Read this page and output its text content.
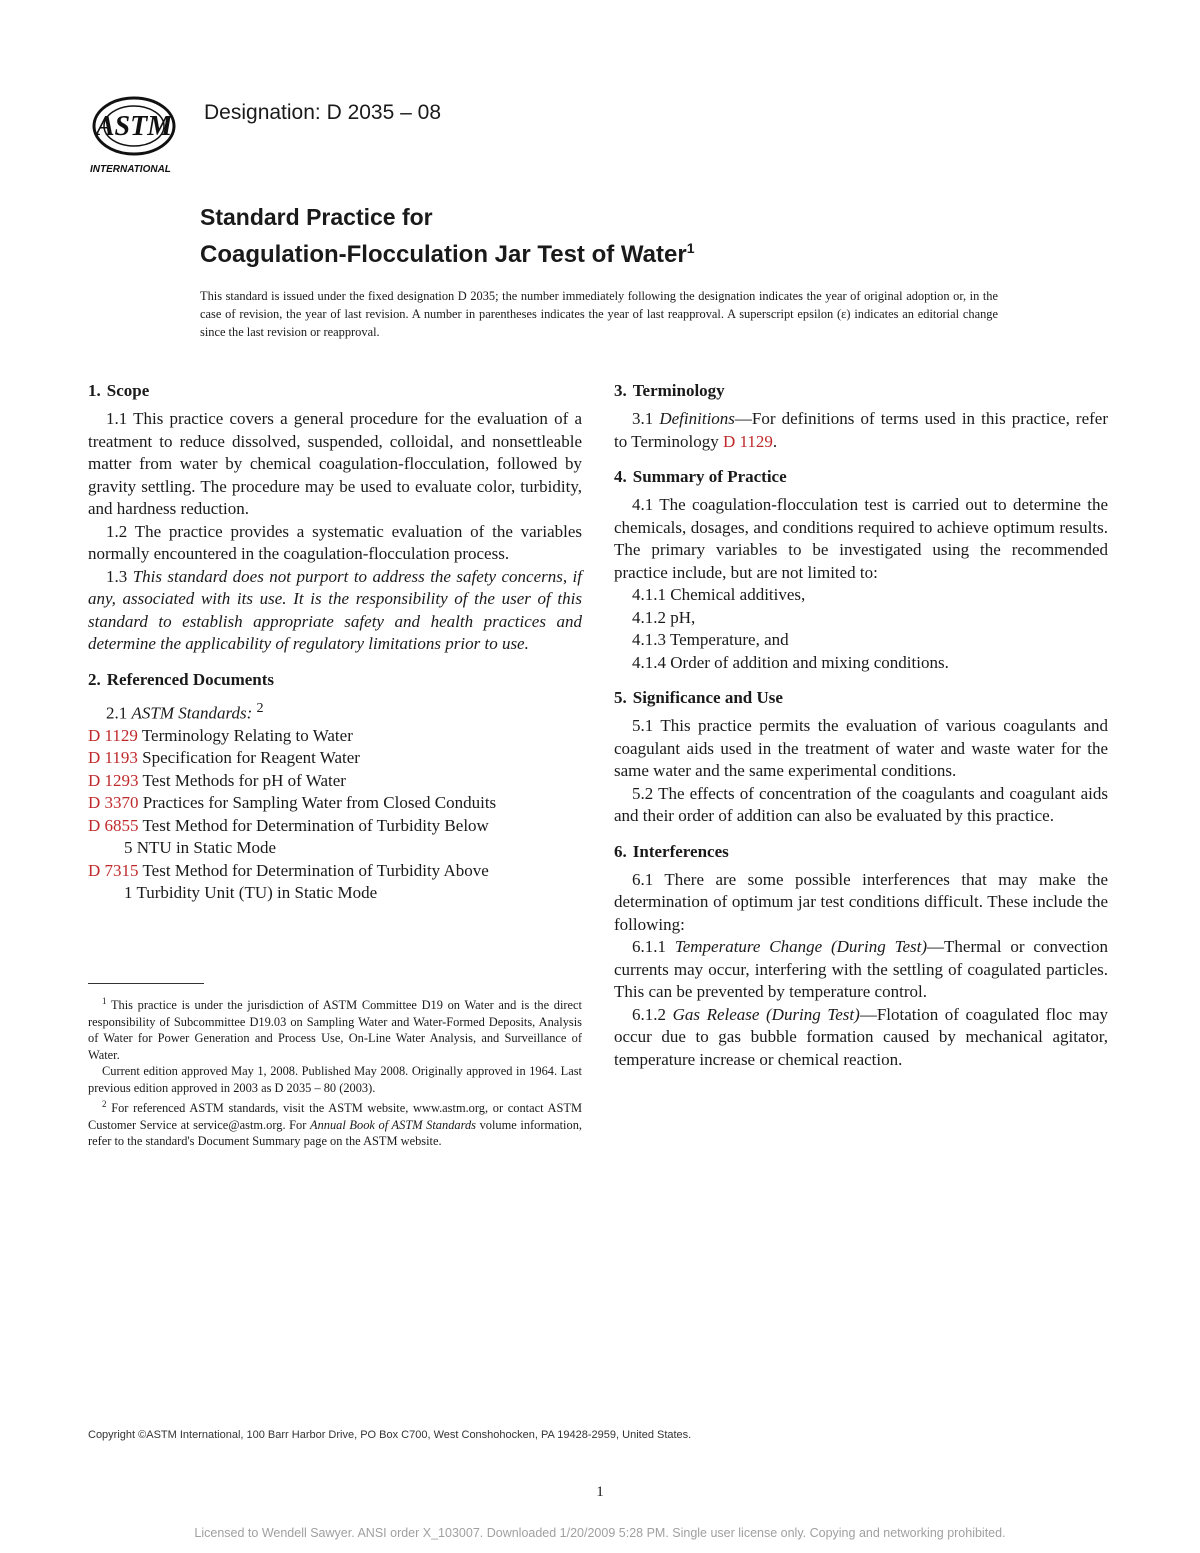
ASTM
INTERNATIONAL
Designation: D 2035 – 08
Standard Practice for
Coagulation-Flocculation Jar Test of Water$^1$
This standard is issued under the fixed designation D 2035; the number immediately following the designation indicates the year of original adoption or, in the case of revision, the year of last revision. A number in parentheses indicates the year of last reapproval. A superscript epsilon (ε) indicates an editorial change since the last revision or reapproval.
1. Scope

1.1 This practice covers a general procedure for the evaluation of a treatment to reduce dissolved, suspended, colloidal, and nonsettleable matter from water by chemical coagulation-flocculation, followed by gravity settling. The procedure may be used to evaluate color, turbidity, and hardness reduction.

1.2 The practice provides a systematic evaluation of the variables normally encountered in the coagulation-flocculation process.

1.3 This standard does not purport to address the safety concerns, if any, associated with its use. It is the responsibility of the user of this standard to establish appropriate safety and health practices and determine the applicability of regulatory limitations prior to use.

2. Referenced Documents

2.1 ASTM Standards: $^2$

D 1129 Terminology Relating to Water
D 1193 Specification for Reagent Water
D 1293 Test Methods for pH of Water
D 3370 Practices for Sampling Water from Closed Conduits
D 6855 Test Method for Determination of Turbidity Below
5 NTU in Static Mode
D 7315 Test Method for Determination of Turbidity Above
1 Turbidity Unit (TU) in Static Mode

$^1$ This practice is under the jurisdiction of ASTM Committee D19 on Water and is the direct responsibility of Subcommittee D19.03 on Sampling Water and Water-Formed Deposits, Analysis of Water for Power Generation and Process Use, On-Line Water Analysis, and Surveillance of Water.

Current edition approved May 1, 2008. Published May 2008. Originally approved in 1964. Last previous edition approved in 2003 as D 2035 – 80 (2003).

$^2$ For referenced ASTM standards, visit the ASTM website, www.astm.org, or contact ASTM Customer Service at service@astm.org. For Annual Book of ASTM Standards volume information, refer to the standard's Document Summary page on the ASTM website.

3. Terminology

3.1 Definitions—For definitions of terms used in this practice, refer to Terminology D 1129.

4. Summary of Practice

4.1 The coagulation-flocculation test is carried out to determine the chemicals, dosages, and conditions required to achieve optimum results. The primary variables to be investigated using the recommended practice include, but are not limited to:

4.1.1 Chemical additives,

4.1.2 pH,

4.1.3 Temperature, and

4.1.4 Order of addition and mixing conditions.

5. Significance and Use

5.1 This practice permits the evaluation of various coagulants and coagulant aids used in the treatment of water and waste water for the same water and the same experimental conditions.

5.2 The effects of concentration of the coagulants and coagulant aids and their order of addition can also be evaluated by this practice.

6. Interferences

6.1 There are some possible interferences that may make the determination of optimum jar test conditions difficult. These include the following:

6.1.1 Temperature Change (During Test)—Thermal or convection currents may occur, interfering with the settling of coagulated particles. This can be prevented by temperature control.

6.1.2 Gas Release (During Test)—Flotation of coagulated floc may occur due to gas bubble formation caused by mechanical agitator, temperature increase or chemical reaction.

Copyright ©ASTM International, 100 Barr Harbor Drive, PO Box C700, West Conshohocken, PA 19428-2959, United States.
1
Licensed to Wendell Sawyer. ANSI order X_103007. Downloaded 1/20/2009 5:28 PM. Single user license only. Copying and networking prohibited.
